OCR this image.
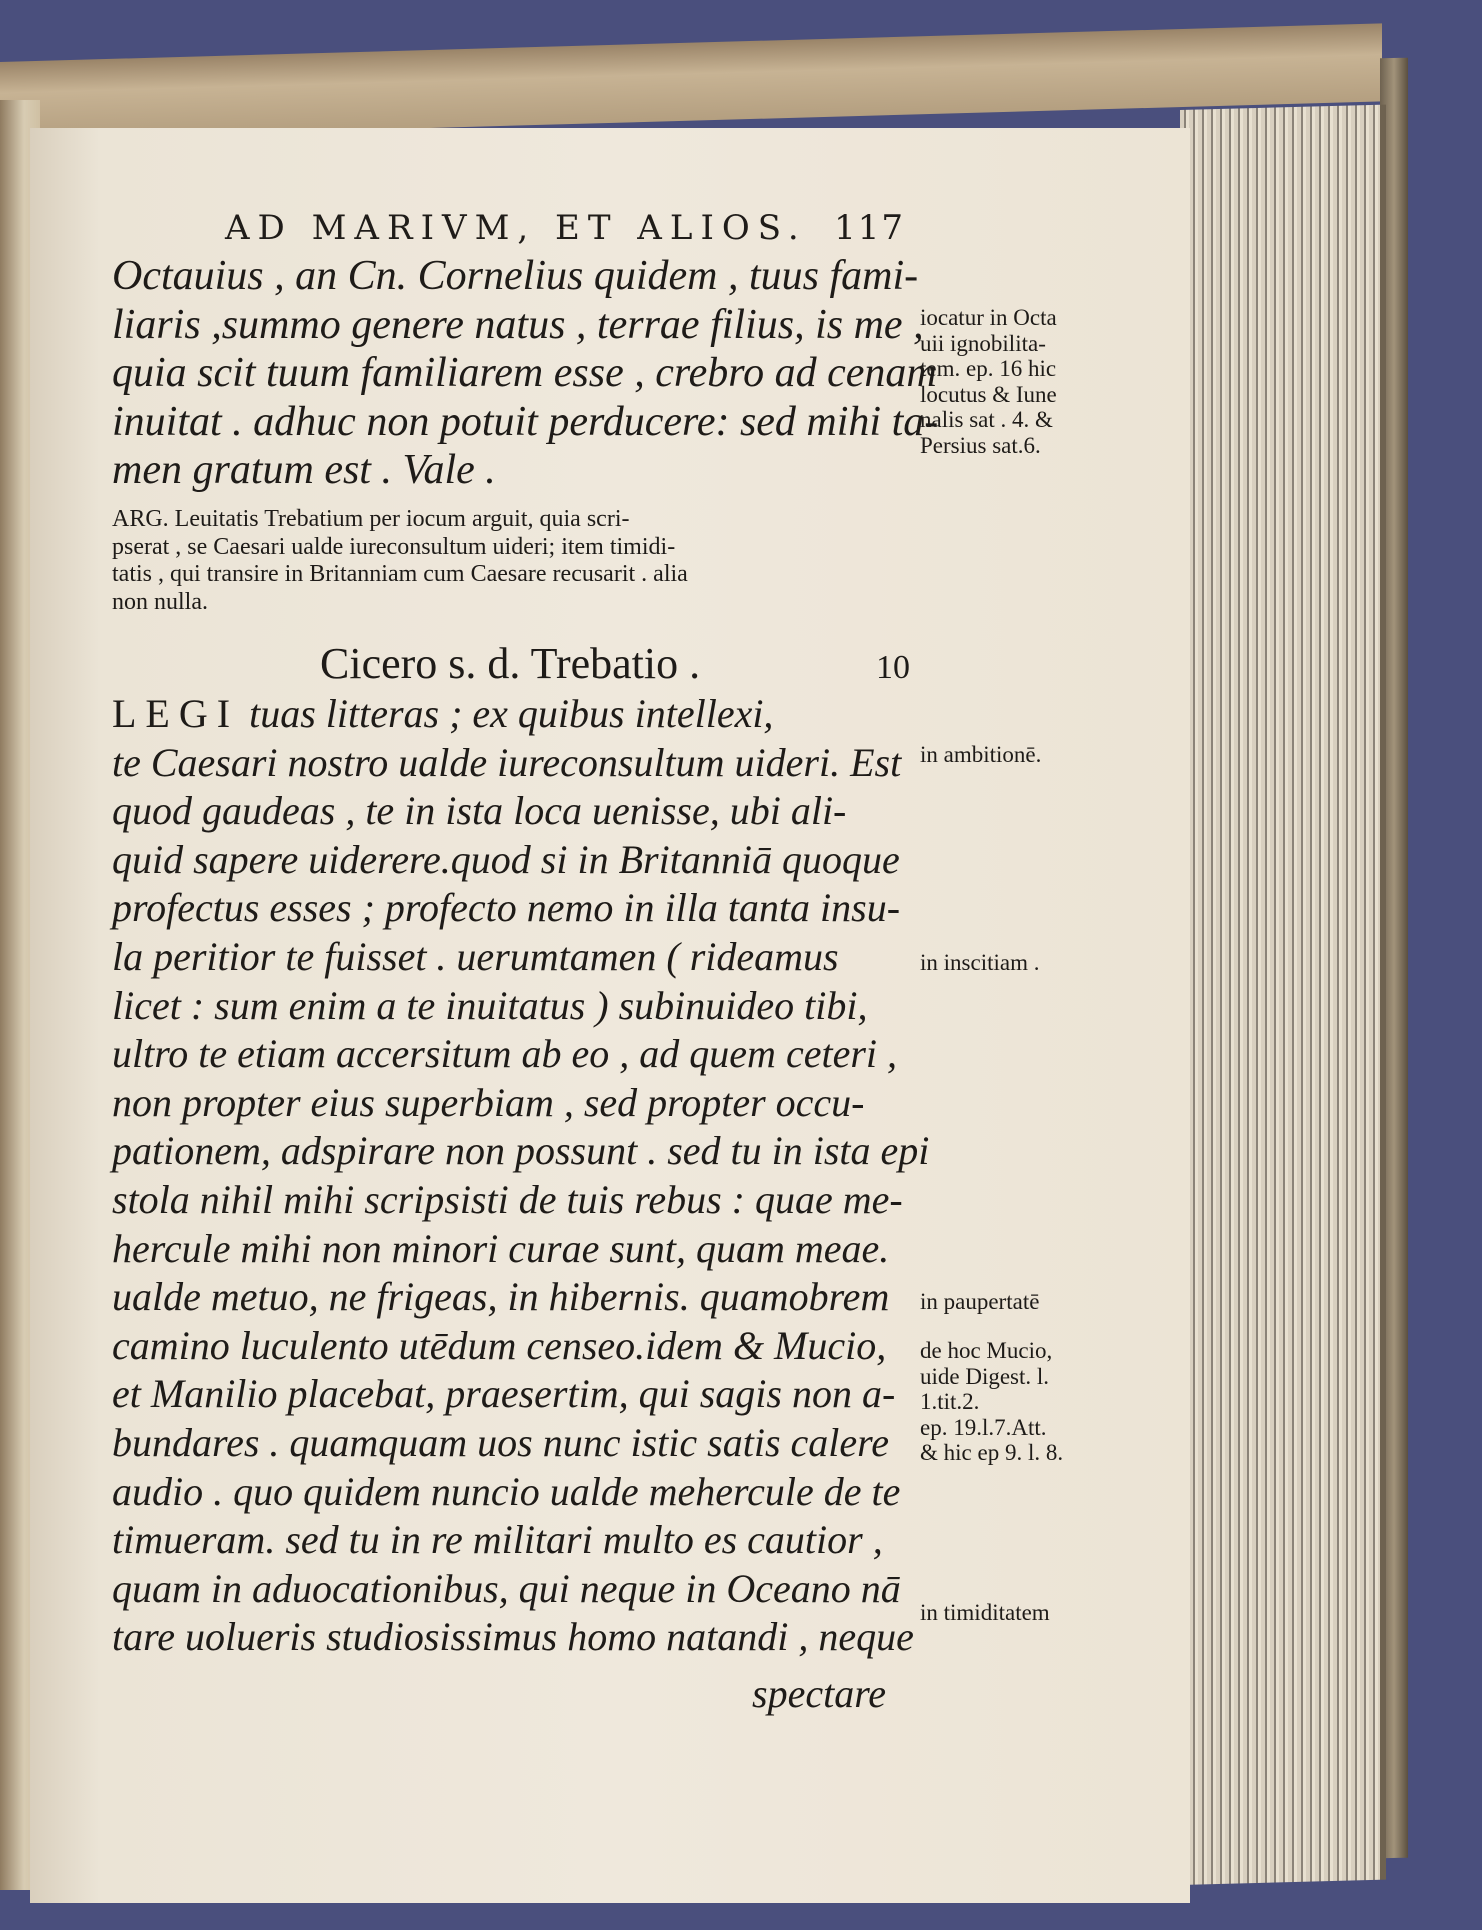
AD MARIVM, ET ALIOS. 117
Octauius , an Cn. Cornelius quidem , tuus fami-
liaris ,summo genere natus , terrae filius, is me ,
quia scit tuum familiarem esse , crebro ad cenam
inuitat . adhuc non potuit perducere: sed mihi ta-
men gratum est . Vale .
ARG. Leuitatis Trebatium per iocum arguit, quia scri-
pserat , se Caesari ualde iureconsultum uideri; item timidi-
tatis , qui transire in Britanniam cum Caesare recusarit . alia
non nulla.
Cicero s. d. Trebatio .	10
LEGI tuas litteras ; ex quibus intellexi,
te Caesari nostro ualde iureconsultum uideri. Est
quod gaudeas , te in ista loca uenisse, ubi ali-
quid sapere uiderere.quod si in Britanniā quoque
profectus esses ; profecto nemo in illa tanta insu-
la peritior te fuisset . uerumtamen ( rideamus
licet : sum enim a te inuitatus ) subinuideo tibi,
ultro te etiam accersitum ab eo , ad quem ceteri ,
non propter eius superbiam , sed propter occu-
pationem, adspirare non possunt . sed tu in ista epi
stola nihil mihi scripsisti de tuis rebus : quae me-
hercule mihi non minori curae sunt, quam meae.
ualde metuo, ne frigeas, in hibernis. quamobrem
camino luculento utēdum censeo.idem & Mucio,
et Manilio placebat, praesertim, qui sagis non a-
bundares . quamquam uos nunc istic satis calere
audio . quo quidem nuncio ualde mehercule de te
timueram. sed tu in re militari multo es cautior ,
quam in aduocationibus, qui neque in Oceano nā
tare uolueris studiosissimus homo natandi , neque
spectare
iocatur in Octa
uii ignobilita-
tem. ep. 16 hic
locutus & Iune
nalis sat . 4. &
Persius sat.6.
in ambitionē.
in inscitiam .
in paupertatē
de hoc Mucio,
uide Digest. l.
1.tit.2.
ep. 19.l.7.Att.
& hic ep 9. l. 8.
in timiditatem
